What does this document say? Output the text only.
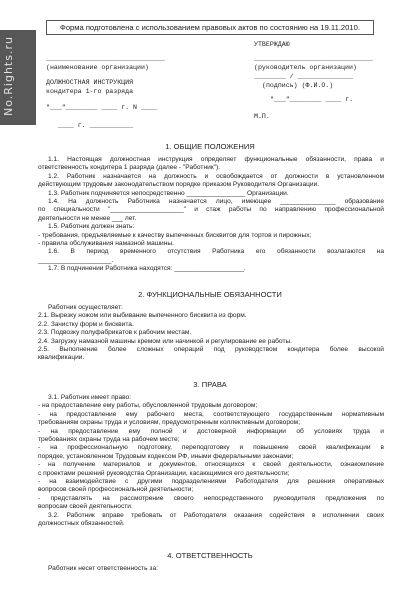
No.Rights.ru
Форма подготовлена с использованием правовых актов по состоянию на 19.11.2010.
______________________________
(наименование организации)
ДОЛЖНОСТНАЯ ИНСТРУКЦИЯ
кондитера 1-го разряда
"___"________ ____ г. N ____
____ г. ___________
УТВЕРЖДАЮ
______________________________
(руководитель организации)
________ / ______________
(подпись) (Ф.И.О.)
"___"________ ____ г.
М.П.
1. ОБЩИЕ ПОЛОЖЕНИЯ
1.1. Настоящая должностная инструкция определяет функциональные обязанности, права и
ответственность кондитера 1 разряда (далее - "Работник").
1.2. Работник назначается на должность и освобождается от должности в установленном
действующим трудовым законодательством порядке приказом Руководителя Организации.
1.3. Работник подчиняется непосредственно ________________ Организации.
1.4. На должность Работника назначается лицо, имеющее _______________ образование
по специальности "____________________" и стаж работы по направлению профессиональной
деятельности не менее ___ лет.
1.5. Работник должен знать:
- требования, предъявляемые к качеству выпеченных бисквитов для тортов и пирожных;
- правила обслуживания намазной машины.
1.6. В период временного отсутствия Работника его обязанности возлагаются на
____________________.
1.7. В подчинении Работника находятся: ___________________.
2. ФУНКЦИОНАЛЬНЫЕ ОБЯЗАННОСТИ
Работник осуществляет:
2.1. Вырезку ножом или выбивание выпеченного бисквита из форм.
2.2. Зачистку форм и бисквита.
2.3. Подвозку полуфабрикатов к рабочим местам.
2.4. Загрузку намазной машины кремом или начинкой и регулирование ее работы.
2.5. Выполнение более сложных операций под руководством кондитера более высокой
квалификации.
3. ПРАВА
3.1. Работник имеет право:
- на предоставление ему работы, обусловленной трудовым договором;
- на предоставление ему рабочего места, соответствующего государственным нормативным
требованиям охраны труда и условиям, предусмотренным коллективным договором;
- на предоставление ему полной и достоверной информации об условиях труда и
требованиях охраны труда на рабочем месте;
- на профессиональную подготовку, переподготовку и повышение своей квалификации в
порядке, установленном Трудовым кодексом РФ, иными федеральными законами;
- на получение материалов и документов, относящихся к своей деятельности, ознакомление
с проектами решений руководства Организации, касающимися его деятельности;
- на взаимодействие с другими подразделениями Работодателя для решения оперативных
вопросов своей профессиональной деятельности;
- представлять на рассмотрение своего непосредственного руководителя предложения по
вопросам своей деятельности.
3.2. Работник вправе требовать от Работодателя оказания содействия в исполнении своих
должностных обязанностей.
4. ОТВЕТСТВЕННОСТЬ
Работник несет ответственность за:
